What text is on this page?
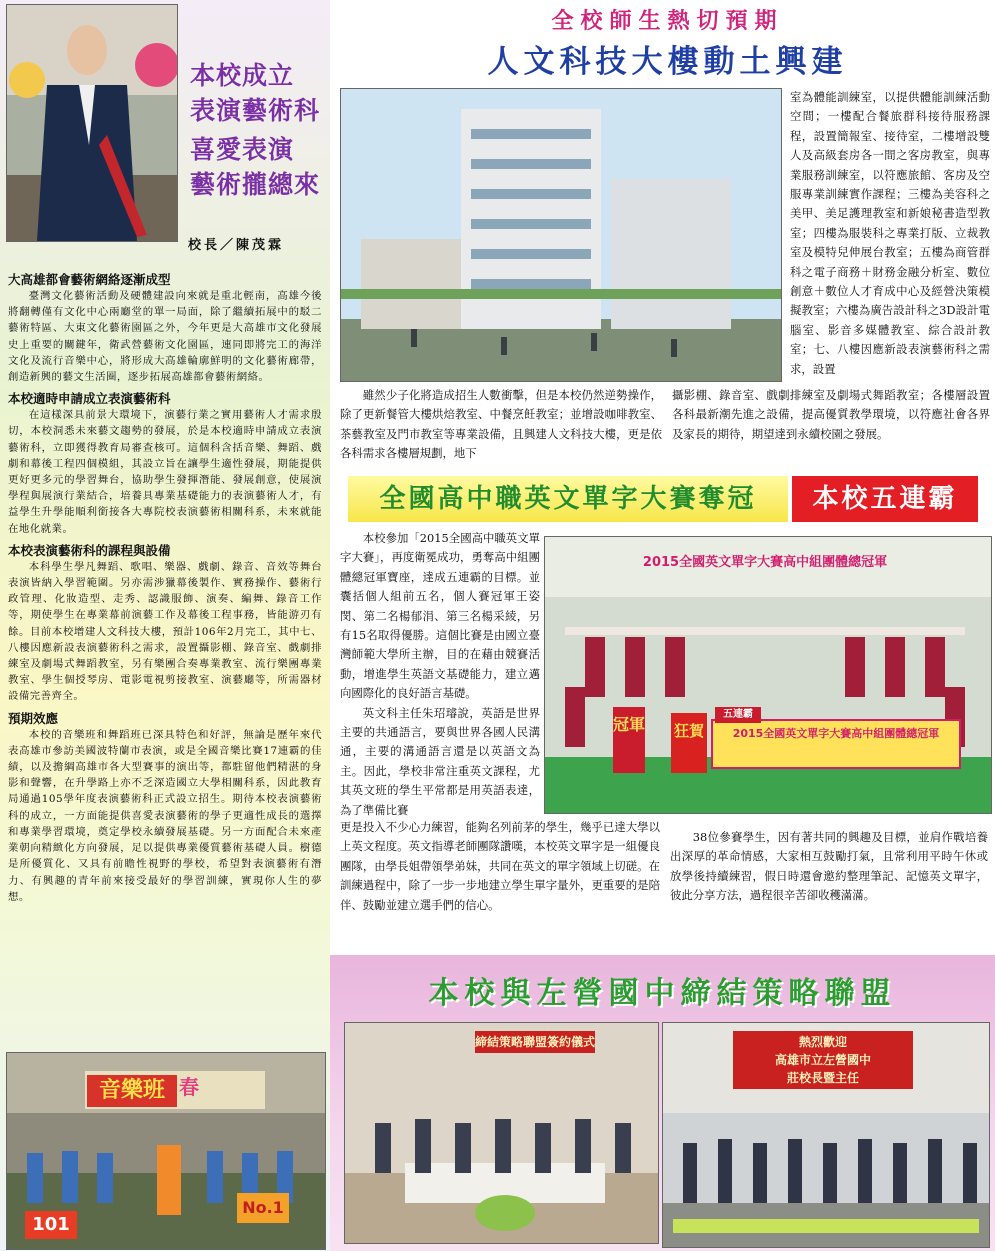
本校成立
表演藝術科
喜愛表演
藝術攏總來
校長／陳茂霖
大高雄都會藝術網絡逐漸成型

臺灣文化藝術活動及硬體建設向來就是重北輕南，高雄今後將翻轉僅有文化中心兩廳堂的單一局面，除了繼續拓展中的駁二藝術特區、大東文化藝術園區之外，今年更是大高雄市文化發展史上重要的關鍵年，衛武營藝術文化園區，連同即將完工的海洋文化及流行音樂中心，將形成大高雄輪廓鮮明的文化藝術廊帶，創造新興的藝文生活圈，逐步拓展高雄都會藝術網絡。

本校適時申請成立表演藝術科

在這樣深具前景大環境下，演藝行業之實用藝術人才需求殷切，本校洞悉未來藝文趨勢的發展，於是本校適時申請成立表演藝術科，立即獲得教育局審查核可。這個科含括音樂、舞蹈、戲劇和幕後工程四個模組，其設立旨在讓學生適性發展，期能提供更好更多元的學習舞台，協助學生發揮潛能、發展創意，使展演學程與展演行業結合，培養具專業基礎能力的表演藝術人才，有益學生升學能順利銜接各大專院校表演藝術相關科系，未來就能在地化就業。

本校表演藝術科的課程與設備

本科學生學凡舞蹈、歌唱、樂器、戲劇、錄音、音效等舞台表演皆納入學習範圍。另亦需涉獵幕後製作、實務操作、藝術行政管理、化妝造型、走秀、認識服飾、演奏、編舞、錄音工作等，期使學生在專業幕前演藝工作及幕後工程事務，皆能游刃有餘。目前本校增建人文科技大樓，預計106年2月完工，其中七、八樓因應新設表演藝術科之需求，設置攝影棚、錄音室、戲劇排練室及劇場式舞蹈教室，另有樂團合奏專業教室、流行樂團專業教室、學生個授琴房、電影電視剪接教室、演藝廳等，所需器材設備完善齊全。

預期效應

本校的音樂班和舞蹈班已深具特色和好評，無論是歷年來代表高雄市參訪美國波特蘭市表演，或是全國音樂比賽17連霸的佳績，以及擔綱高雄市各大型賽事的演出等，都駐留他們精湛的身影和聲響，在升學路上亦不乏深造國立大學相關科系，因此教育局通過105學年度表演藝術科正式設立招生。期待本校表演藝術科的成立，一方面能提供喜愛表演藝術的學子更適性成長的選擇和專業學習環境，奠定學校永續發展基礎。另一方面配合未來產業朝向精緻化方向發展，足以提供專業優質藝術基礎人員。樹德是所優質化、又具有前瞻性視野的學校，希望對表演藝術有潛力、有興趣的青年前來接受最好的學習訓練，實現你人生的夢想。

音樂班 春
101
No.1
全校師生熱切預期
人文科技大樓動土興建

室為體能訓練室，以提供體能訓練活動空間；一樓配合餐旅群科接待服務課程，設置簡報室、接待室，二樓增設雙人及高級套房各一間之客房教室，與專業服務訓練室，以符應旅館、客房及空服專業訓練實作課程；三樓為美容科之美甲、美足護理教室和新娘秘書造型教室；四樓為服裝科之專業打版、立裁教室及模特兒伸展台教室；五樓為商管群科之電子商務＋財務金融分析室、數位創意＋數位人才育成中心及經營決策模擬教室；六樓為廣告設計科之3D設計電腦室、影音多媒體教室、綜合設計教室；七、八樓因應新設表演藝術科之需求，設置

雖然少子化將造成招生人數衝擊，但是本校仍然逆勢操作，除了更新餐管大樓烘焙教室、中餐烹飪教室；並增設咖啡教室、茶藝教室及門市教室等專業設備，且興建人文科技大樓，更是依各科需求各樓層規劃，地下

攝影棚、錄音室、戲劇排練室及劇場式舞蹈教室；各樓層設置各科最新潮先進之設備，提高優質教學環境，以符應社會各界及家長的期待，期望達到永續校園之發展。

全國高中職英文單字大賽奪冠	本校五連霸

本校參加「2015全國高中職英文單字大賽」，再度衛冕成功，勇奪高中組團體總冠軍寶座，達成五連霸的目標。並囊括個人組前五名，個人賽冠軍王姿閔、第二名楊郁涓、第三名楊采綾，另有15名取得優勝。這個比賽是由國立臺灣師範大學所主辦，目的在藉由競賽活動，增進學生英語文基礎能力，建立邁向國際化的良好語言基礎。

英文科主任朱玿璿說，英語是世界主要的共通語言，要與世界各國人民溝通，主要的溝通語言還是以英語文為主。因此，學校非常注重英文課程，尤其英文班的學生平常都是用英語表達，為了準備比賽

更是投入不少心力練習，能夠名列前茅的學生，幾乎已達大學以上英文程度。英文指導老師團隊讚嘆，本校英文單字是一組優良團隊，由學長姐帶領學弟妹，共同在英文的單字領域上切磋。在訓練過程中，除了一步一步地建立學生單字量外，更重要的是陪伴、鼓勵並建立選手們的信心。

38位參賽學生，因有著共同的興趣及目標，並肩作戰培養出深厚的革命情感，大家相互鼓勵打氣，且常利用平時午休或放學後持續練習，假日時還會邀約整理筆記、記憶英文單字，彼此分享方法，過程很辛苦卻收穫滿滿。

2015全國英文單字大賽高中組團體總冠軍
2015全國英文單字大賽高中組團體總冠軍
冠軍 狂賀
五連霸
本校與左營國中締結策略聯盟
締結策略聯盟簽約儀式	熱烈歡迎
高雄市立左營國中
莊校長暨主任
